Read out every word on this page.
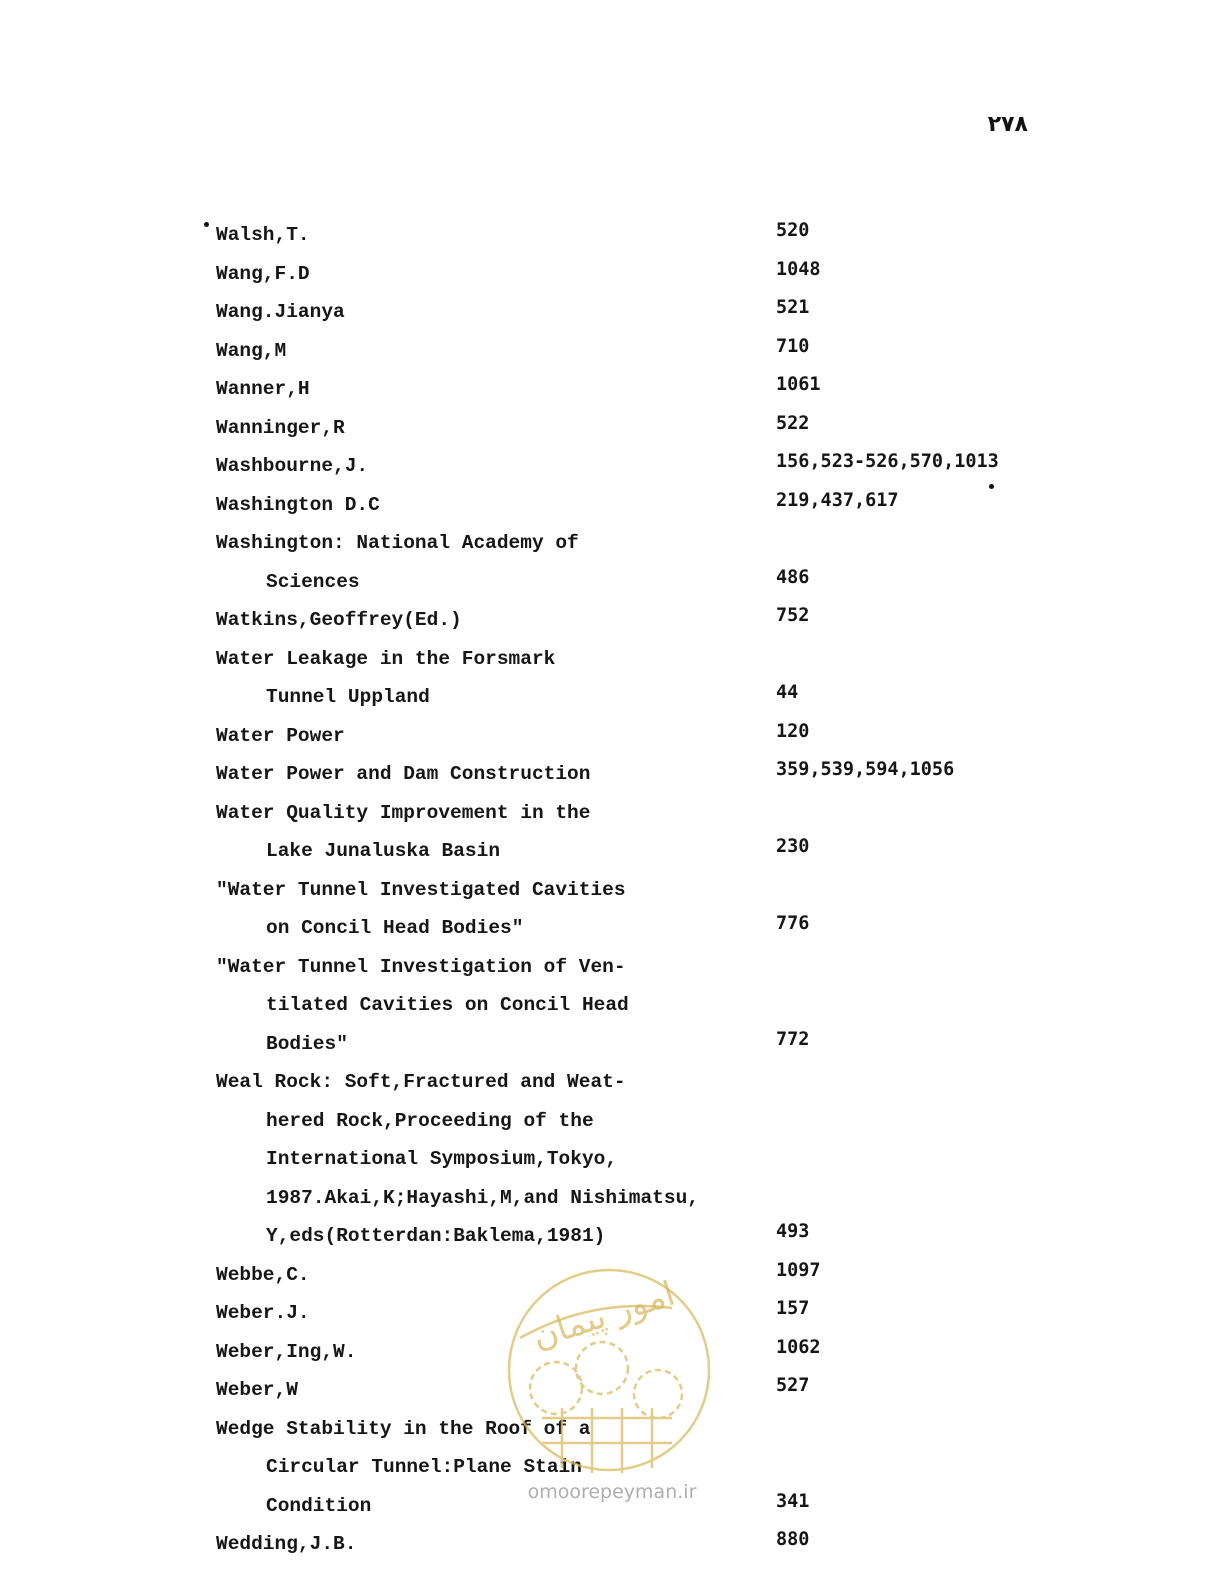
۲۷۸
Walsh,T.	520
Wang,F.D	1048
Wang.Jianya	521
Wang,M	710
Wanner,H	1061
Wanninger,R	522
Washbourne,J.	156,523-526,570,1013
Washington D.C	219,437,617
Washington: National Academy of
Sciences	486
Watkins,Geoffrey(Ed.)	752
Water Leakage in the Forsmark
Tunnel Uppland	44
Water Power	120
Water Power and Dam Construction	359,539,594,1056
Water Quality Improvement in the
Lake Junaluska Basin	230
"Water Tunnel Investigated Cavities
on Concil Head Bodies"	776
"Water Tunnel Investigation of Ven-
tilated Cavities on Concil Head
Bodies"	772
Weal Rock: Soft,Fractured and Weat-
hered Rock,Proceeding of the
International Symposium,Tokyo,
1987.Akai,K;Hayashi,M,and Nishimatsu,
Y,eds(Rotterdan:Baklema,1981)	493
Webbe,C.	1097
Weber.J.	157
Weber,Ing,W.	1062
Weber,W	527
Wedge Stability in the Roof of a
Circular Tunnel:Plane Stain
Condition	341
Wedding,J.B.	880
امور پیمان
omoorepeyman.ir
